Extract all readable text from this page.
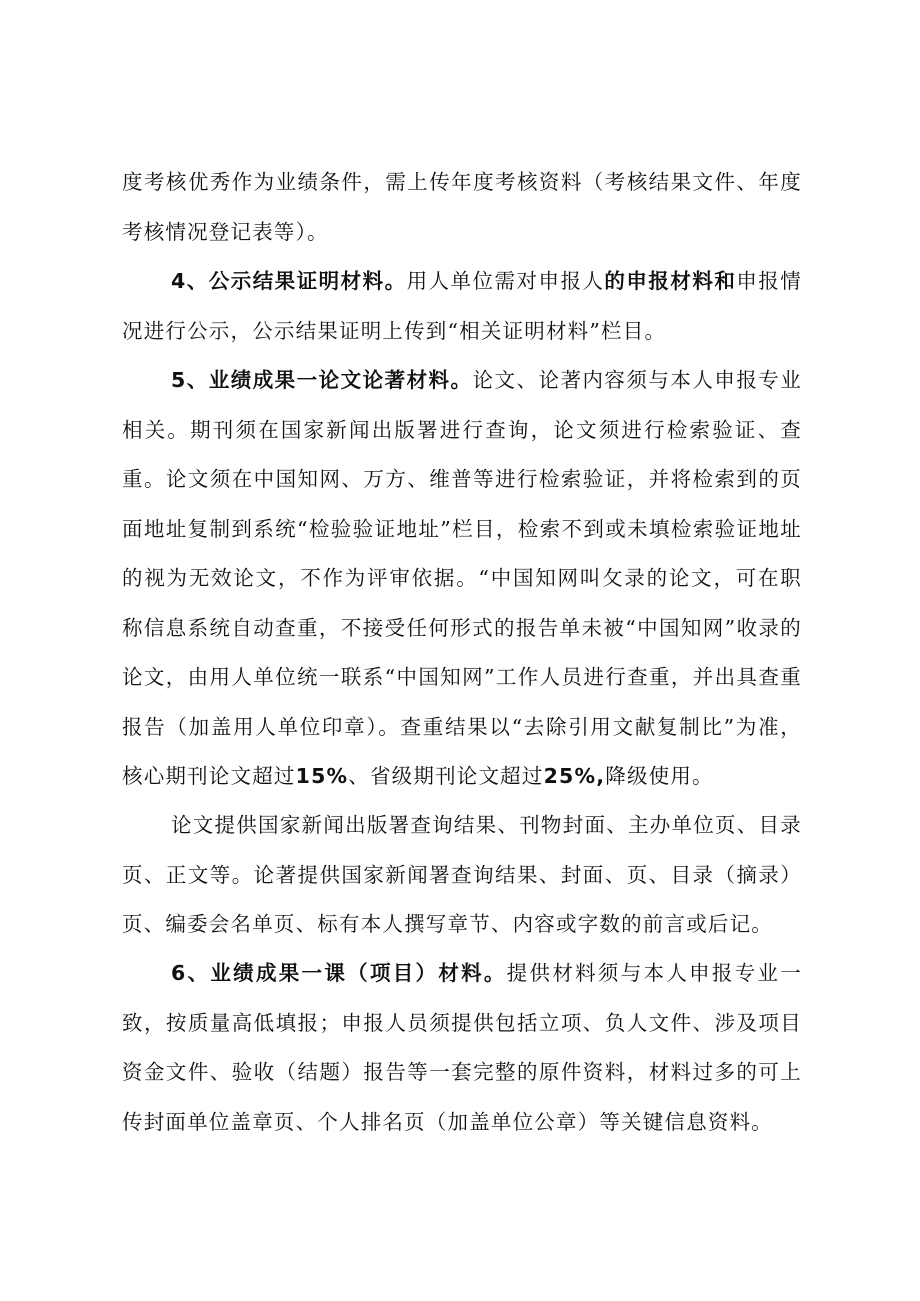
度考核优秀作为业绩条件，需上传年度考核资料（考核结果文件、年度考核情况登记表等）。

4、公示结果证明材料。用人单位需对申报人的申报材料和申报情况进行公示，公示结果证明上传到“相关证明材料”栏目。

5、业绩成果一论文论著材料。论文、论著内容须与本人申报专业相关。期刊须在国家新闻出版署进行查询，论文须进行检索验证、查重。论文须在中国知网、万方、维普等进行检索验证，并将检索到的页面地址复制到系统“检验验证地址”栏目，检索不到或未填检索验证地址的视为无效论文，不作为评审依据。“中国知网叫攵录的论文，可在职称信息系统自动查重，不接受任何形式的报告单未被“中国知网”收录的论文，由用人单位统一联系“中国知网”工作人员进行查重，并出具查重报告（加盖用人单位印章）。查重结果以“去除引用文献复制比”为准，核心期刊论文超过15%、省级期刊论文超过25%,降级使用。

论文提供国家新闻出版署查询结果、刊物封面、主办单位页、目录页、正文等。论著提供国家新闻署查询结果、封面、页、目录（摘录）页、编委会名单页、标有本人撰写章节、内容或字数的前言或后记。

6、业绩成果一课（项目）材料。提供材料须与本人申报专业一致，按质量高低填报；申报人员须提供包括立项、负人文件、涉及项目资金文件、验收（结题）报告等一套完整的原件资料，材料过多的可上传封面单位盖章页、个人排名页（加盖单位公章）等关键信息资料。
